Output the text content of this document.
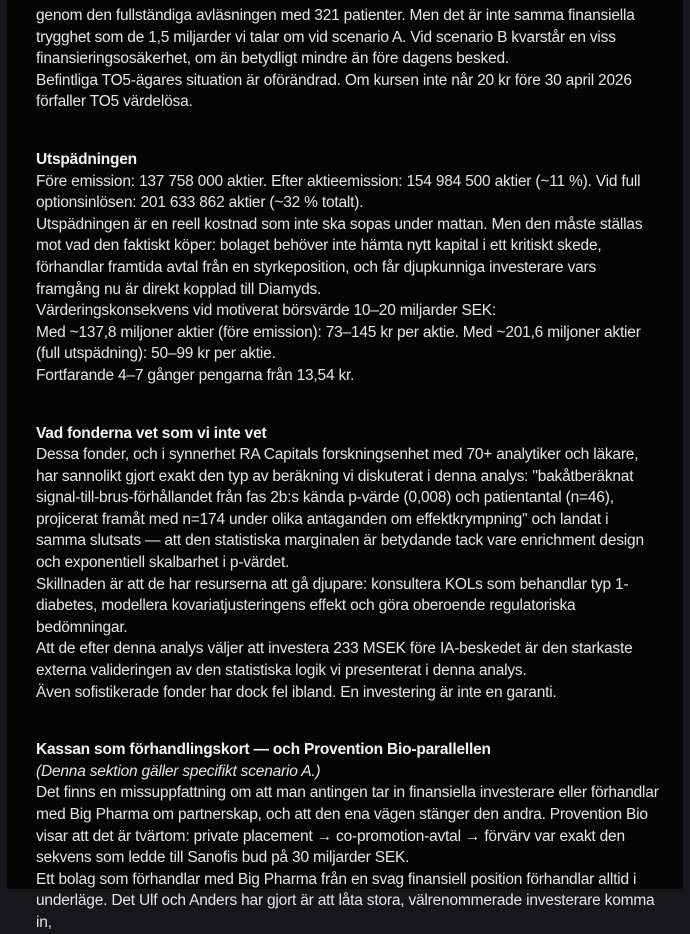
genom den fullständiga avläsningen med 321 patienter. Men det är inte samma finansiella trygghet som de 1,5 miljarder vi talar om vid scenario A. Vid scenario B kvarstår en viss finansieringsosäkerhet, om än betydligt mindre än före dagens besked.

Befintliga TO5-ägares situation är oförändrad. Om kursen inte når 20 kr före 30 april 2026 förfaller TO5 värdelösa.

Utspädningen

Före emission: 137 758 000 aktier. Efter aktieemission: 154 984 500 aktier (~11 %). Vid full optionsinlösen: 201 633 862 aktier (~32 % totalt).

Utspädningen är en reell kostnad som inte ska sopas under mattan. Men den måste ställas mot vad den faktiskt köper: bolaget behöver inte hämta nytt kapital i ett kritiskt skede, förhandlar framtida avtal från en styrkeposition, och får djupkunniga investerare vars framgång nu är direkt kopplad till Diamyds.

Värderingskonsekvens vid motiverat börsvärde 10–20 miljarder SEK:

Med ~137,8 miljoner aktier (före emission): 73–145 kr per aktie. Med ~201,6 miljoner aktier (full utspädning): 50–99 kr per aktie.

Fortfarande 4–7 gånger pengarna från 13,54 kr.

Vad fonderna vet som vi inte vet

Dessa fonder, och i synnerhet RA Capitals forskningsenhet med 70+ analytiker och läkare, har sannolikt gjort exakt den typ av beräkning vi diskuterat i denna analys: "bakåtberäknat signal-till-brus-förhållandet från fas 2b:s kända p-värde (0,008) och patientantal (n=46), projicerat framåt med n=174 under olika antaganden om effektkrympning" och landat i samma slutsats — att den statistiska marginalen är betydande tack vare enrichment design och exponentiell skalbarhet i p-värdet.

Skillnaden är att de har resurserna att gå djupare: konsultera KOLs som behandlar typ 1-diabetes, modellera kovariatjusteringens effekt och göra oberoende regulatoriska bedömningar.

Att de efter denna analys väljer att investera 233 MSEK före IA-beskedet är den starkaste externa valideringen av den statistiska logik vi presenterat i denna analys.

Även sofistikerade fonder har dock fel ibland. En investering är inte en garanti.

Kassan som förhandlingskort — och Provention Bio-parallellen

(Denna sektion gäller specifikt scenario A.)

Det finns en missuppfattning om att man antingen tar in finansiella investerare eller förhandlar med Big Pharma om partnerskap, och att den ena vägen stänger den andra. Provention Bio visar att det är tvärtom: private placement → co-promotion-avtal → förvärv var exakt den sekvens som ledde till Sanofis bud på 30 miljarder SEK.

Ett bolag som förhandlar med Big Pharma från en svag finansiell position förhandlar alltid i underläge. Det Ulf och Anders har gjort är att låta stora, välrenommerade investerare komma in,
